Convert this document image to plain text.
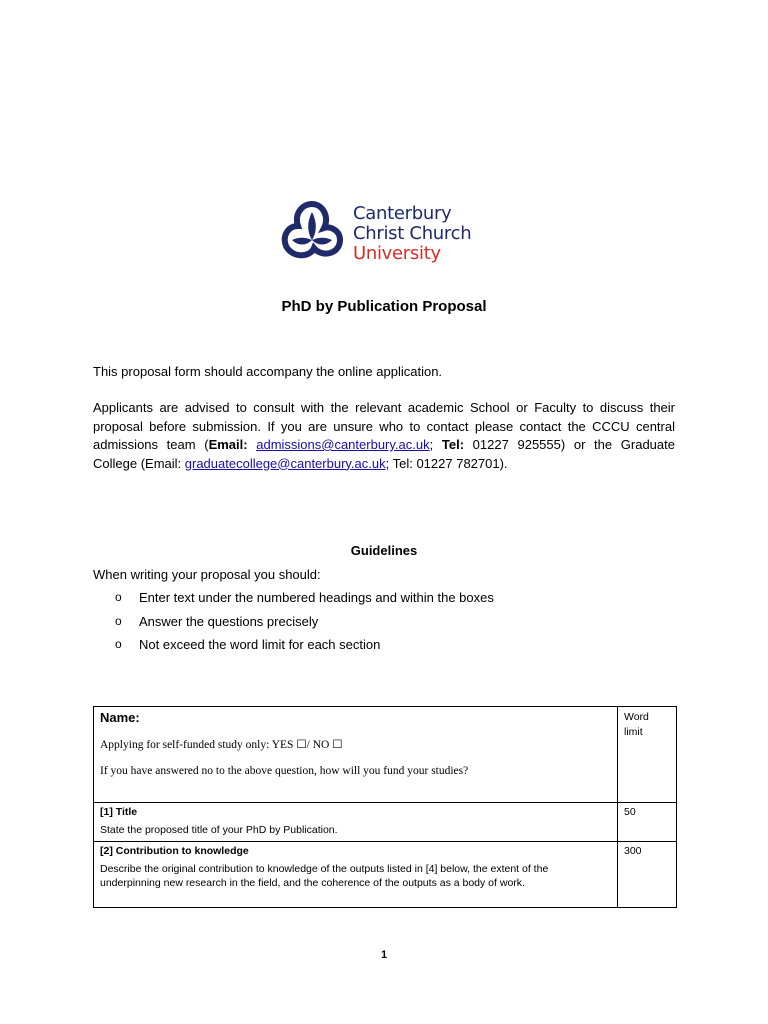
Canterbury
Christ Church
University
PhD by Publication Proposal
This proposal form should accompany the online application.
Applicants are advised to consult with the relevant academic School or Faculty to discuss their proposal before submission. If you are unsure who to contact please contact the CCCU central admissions team (Email: admissions@canterbury.ac.uk; Tel: 01227 925555) or the Graduate College (Email: graduatecollege@canterbury.ac.uk; Tel: 01227 782701).
Guidelines
When writing your proposal you should:
o Enter text under the numbered headings and within the boxes
o Answer the questions precisely
o Not exceed the word limit for each section
Name:
Applying for self-funded study only: YES ☐/ NO ☐
If you have answered no to the above question, how will you fund your studies?	Word limit

[1] Title
State the proposed title of your PhD by Publication.	50

[2] Contribution to knowledge
Describe the original contribution to knowledge of the outputs listed in [4] below, the extent of the underpinning new research in the field, and the coherence of the outputs as a body of work.	300
1
